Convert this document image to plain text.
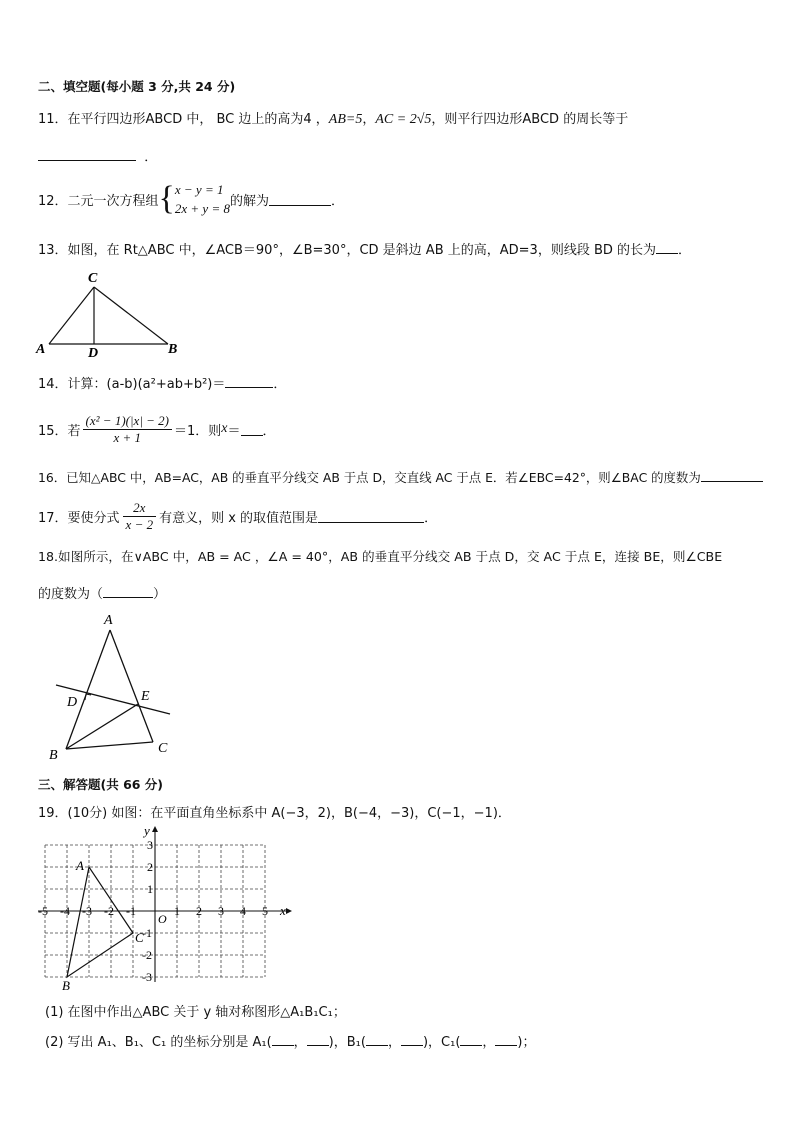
二、填空题(每小题 3 分,共 24 分)
11．在平行四边形ABCD 中， BC 边上的高为4 ，AB=5，AC = 2√5，则平行四边形ABCD 的周长等于
．
12．二元一次方程组 { x − y = 1
2x + y = 8 的解为	．
13．如图，在 Rt△ABC 中，∠ACB＝90°，∠B=30°，CD 是斜边 AB 上的高，AD=3，则线段 BD 的长为 ．
C
A	D	B
14．计算：(a-b)(a²+ab+b²)＝	．
15．若 $\frac{\text{(x² − 1)(|x| − 2)}}{x + 1} =1$．则 x ＝ ．
16．已知△ABC 中，AB=AC，AB 的垂直平分线交 AB 于点 D，交直线 AC 于点 E．若∠EBC=42°，则∠BAC 的度数为
17．要使分式 $\frac{2x}{x - 2}$ 有意义，则 x 的取值范围是	．
18.如图所示，在∨ABC 中，AB = AC ，∠A = 40°，AB 的垂直平分线交 AB 于点 D，交 AC 于点 E，连接 BE，则∠CBE
的度数为（	）
A
D	E
B	C
三、解答题(共 66 分)
19．(10分) 如图：在平面直角坐标系中 A(−3，2)，B(−4，−3)，C(−1，−1)．
x
y
O
-5 -4 -3 -2 -1	1 2 3 4 5
3
2
1
-1
-2
-3
A
B
C
(1) 在图中作出△ABC 关于 y 轴对称图形△A₁B₁C₁；
(2) 写出 A₁、B₁、C₁ 的坐标分别是 A₁( ， )，B₁( ， )，C₁( ， )；
